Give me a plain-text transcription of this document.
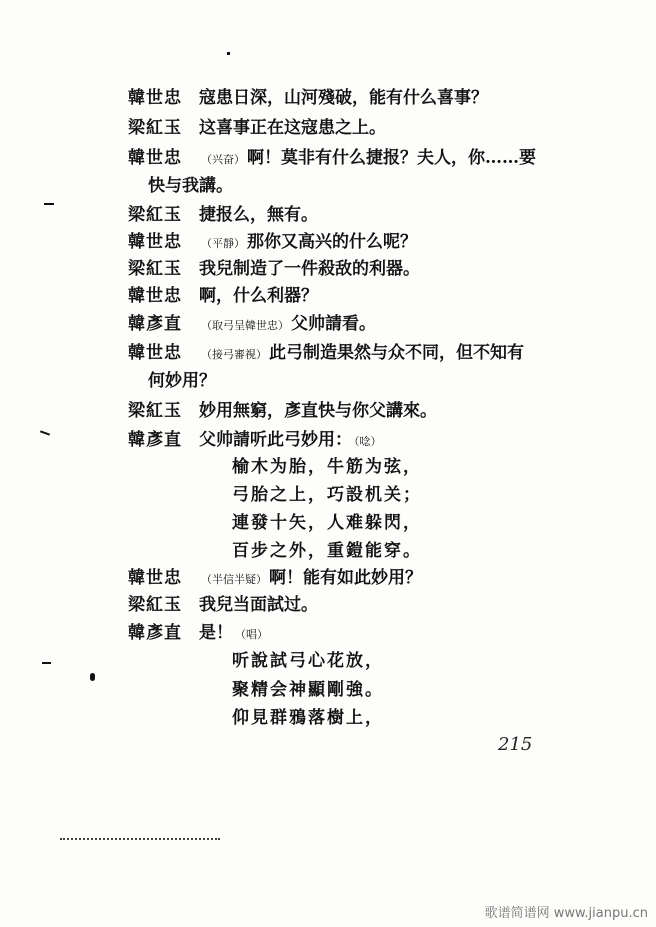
韓世忠 寇患日深，山河殘破，能有什么喜事？
梁紅玉 这喜事正在这寇患之上。
韓世忠 （兴奋） 啊！莫非有什么捷报？夫人，你……要
快与我講。
梁紅玉 捷报么，無有。
韓世忠 （平靜） 那你又高兴的什么呢？
梁紅玉 我兒制造了一件殺敌的利器。
韓世忠 啊，什么利器？
韓彥直 （取弓呈韓世忠） 父帅請看。
韓世忠 （接弓審視） 此弓制造果然与众不同，但不知有
何妙用？
梁紅玉 妙用無窮，彥直快与你父講來。
韓彥直 父帅請听此弓妙用： （唸）
榆木为胎，牛筋为弦，
弓胎之上，巧設机关；
連發十矢，人难躲閃，
百步之外，重鎧能穿。
韓世忠 （半信半疑） 啊！能有如此妙用？
梁紅玉 我兒当面試过。
韓彥直 是！ （唱）
听說試弓心花放，
聚精会神顯剛強。
仰見群鴉落樹上，
215
歌谱简谱网 www.jianpu.cn
